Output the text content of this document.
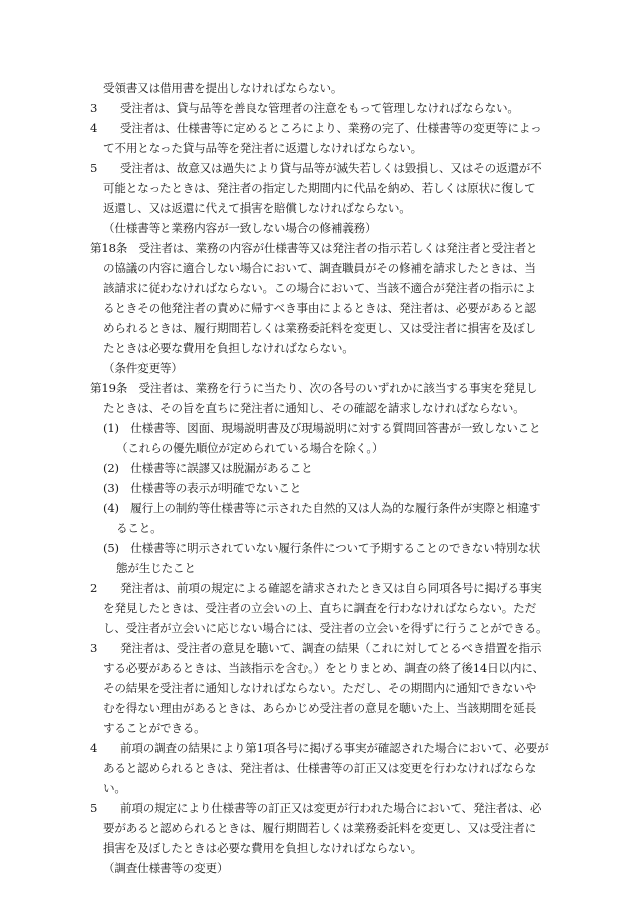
受領書又は借用書を提出しなければならない。
3　　受注者は、貸与品等を善良な管理者の注意をもって管理しなければならない。
4　　受注者は、仕様書等に定めるところにより、業務の完了、仕様書等の変更等によっ
て不用となった貸与品等を発注者に返還しなければならない。
5　　受注者は、故意又は過失により貸与品等が滅失若しくは毀損し、又はその返還が不
可能となったときは、発注者の指定した期間内に代品を納め、若しくは原状に復して
返還し、又は返還に代えて損害を賠償しなければならない。
（仕様書等と業務内容が一致しない場合の修補義務）
第18条　受注者は、業務の内容が仕様書等又は発注者の指示若しくは発注者と受注者と
の協議の内容に適合しない場合において、調査職員がその修補を請求したときは、当
該請求に従わなければならない。この場合において、当該不適合が発注者の指示によ
るときその他発注者の責めに帰すべき事由によるときは、発注者は、必要があると認
められるときは、履行期間若しくは業務委託料を変更し、又は受注者に損害を及ぼし
たときは必要な費用を負担しなければならない。
（条件変更等）
第19条　受注者は、業務を行うに当たり、次の各号のいずれかに該当する事実を発見し
たときは、その旨を直ちに発注者に通知し、その確認を請求しなければならない。
(1)　仕様書等、図面、現場説明書及び現場説明に対する質問回答書が一致しないこと
（これらの優先順位が定められている場合を除く。）
(2)　仕様書等に誤謬又は脱漏があること
(3)　仕様書等の表示が明確でないこと
(4)　履行上の制約等仕様書等に示された自然的又は人為的な履行条件が実際と相違す
ること。
(5)　仕様書等に明示されていない履行条件について予期することのできない特別な状
態が生じたこと
2　　発注者は、前項の規定による確認を請求されたとき又は自ら同項各号に掲げる事実
を発見したときは、受注者の立会いの上、直ちに調査を行わなければならない。ただ
し、受注者が立会いに応じない場合には、受注者の立会いを得ずに行うことができる。
3　　発注者は、受注者の意見を聴いて、調査の結果（これに対してとるべき措置を指示
する必要があるときは、当該指示を含む。）をとりまとめ、調査の終了後14日以内に、
その結果を受注者に通知しなければならない。ただし、その期間内に通知できないや
むを得ない理由があるときは、あらかじめ受注者の意見を聴いた上、当該期間を延長
することができる。
4　　前項の調査の結果により第1項各号に掲げる事実が確認された場合において、必要が
あると認められるときは、発注者は、仕様書等の訂正又は変更を行わなければならな
い。
5　　前項の規定により仕様書等の訂正又は変更が行われた場合において、発注者は、必
要があると認められるときは、履行期間若しくは業務委託料を変更し、又は受注者に
損害を及ぼしたときは必要な費用を負担しなければならない。
（調査仕様書等の変更）
